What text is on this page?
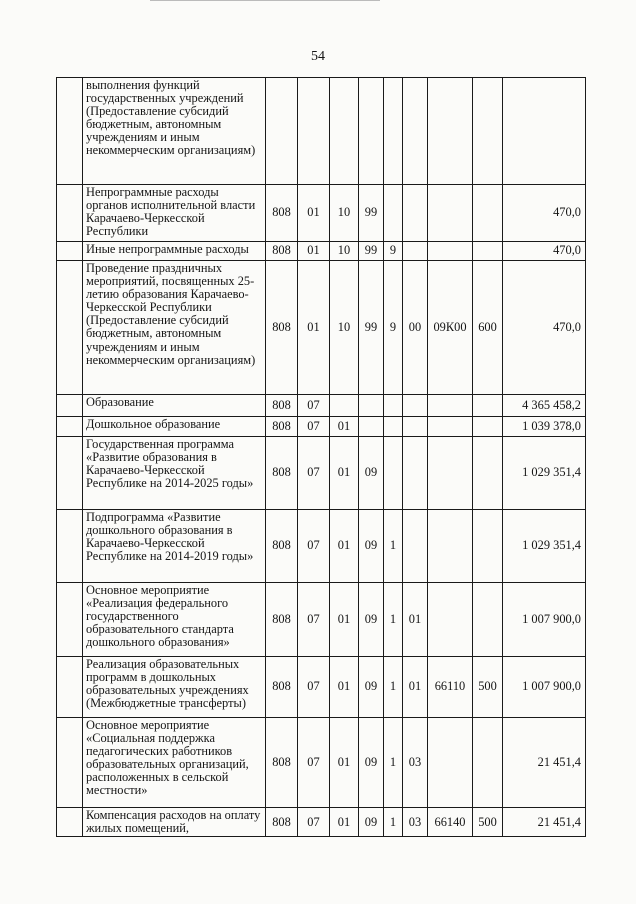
54
	выполнения функций государственных учреждений (Предоставление субсидий бюджетным, автономным учреждениям и иным некоммерческим организациям)									
	Непрограммные расходы органов исполнительной власти Карачаево-Черкесской Республики	808	01	10	99					470,0
	Иные непрограммные расходы	808	01	10	99	9				470,0
	Проведение праздничных мероприятий, посвященных 25-летию образования Карачаево-Черкесской Республики (Предоставление субсидий бюджетным, автономным учреждениям и иным некоммерческим организациям)	808	01	10	99	9	00	09К00	600	470,0
	Образование	808	07							4 365 458,2
	Дошкольное образование	808	07	01						1 039 378,0
	Государственная программа «Развитие образования в Карачаево-Черкесской Республике на 2014-2025 годы»	808	07	01	09					1 029 351,4
	Подпрограмма «Развитие дошкольного образования в Карачаево-Черкесской Республике на 2014-2019 годы»	808	07	01	09	1				1 029 351,4
	Основное мероприятие «Реализация федерального государственного образовательного стандарта дошкольного образования»	808	07	01	09	1	01			1 007 900,0
	Реализация образовательных программ в дошкольных образовательных учреждениях (Межбюджетные трансферты)	808	07	01	09	1	01	66110	500	1 007 900,0
	Основное мероприятие «Социальная поддержка педагогических работников образовательных организаций, расположенных в сельской местности»	808	07	01	09	1	03			21 451,4
	Компенсация расходов на оплату жилых помещений,	808	07	01	09	1	03	66140	500	21 451,4
